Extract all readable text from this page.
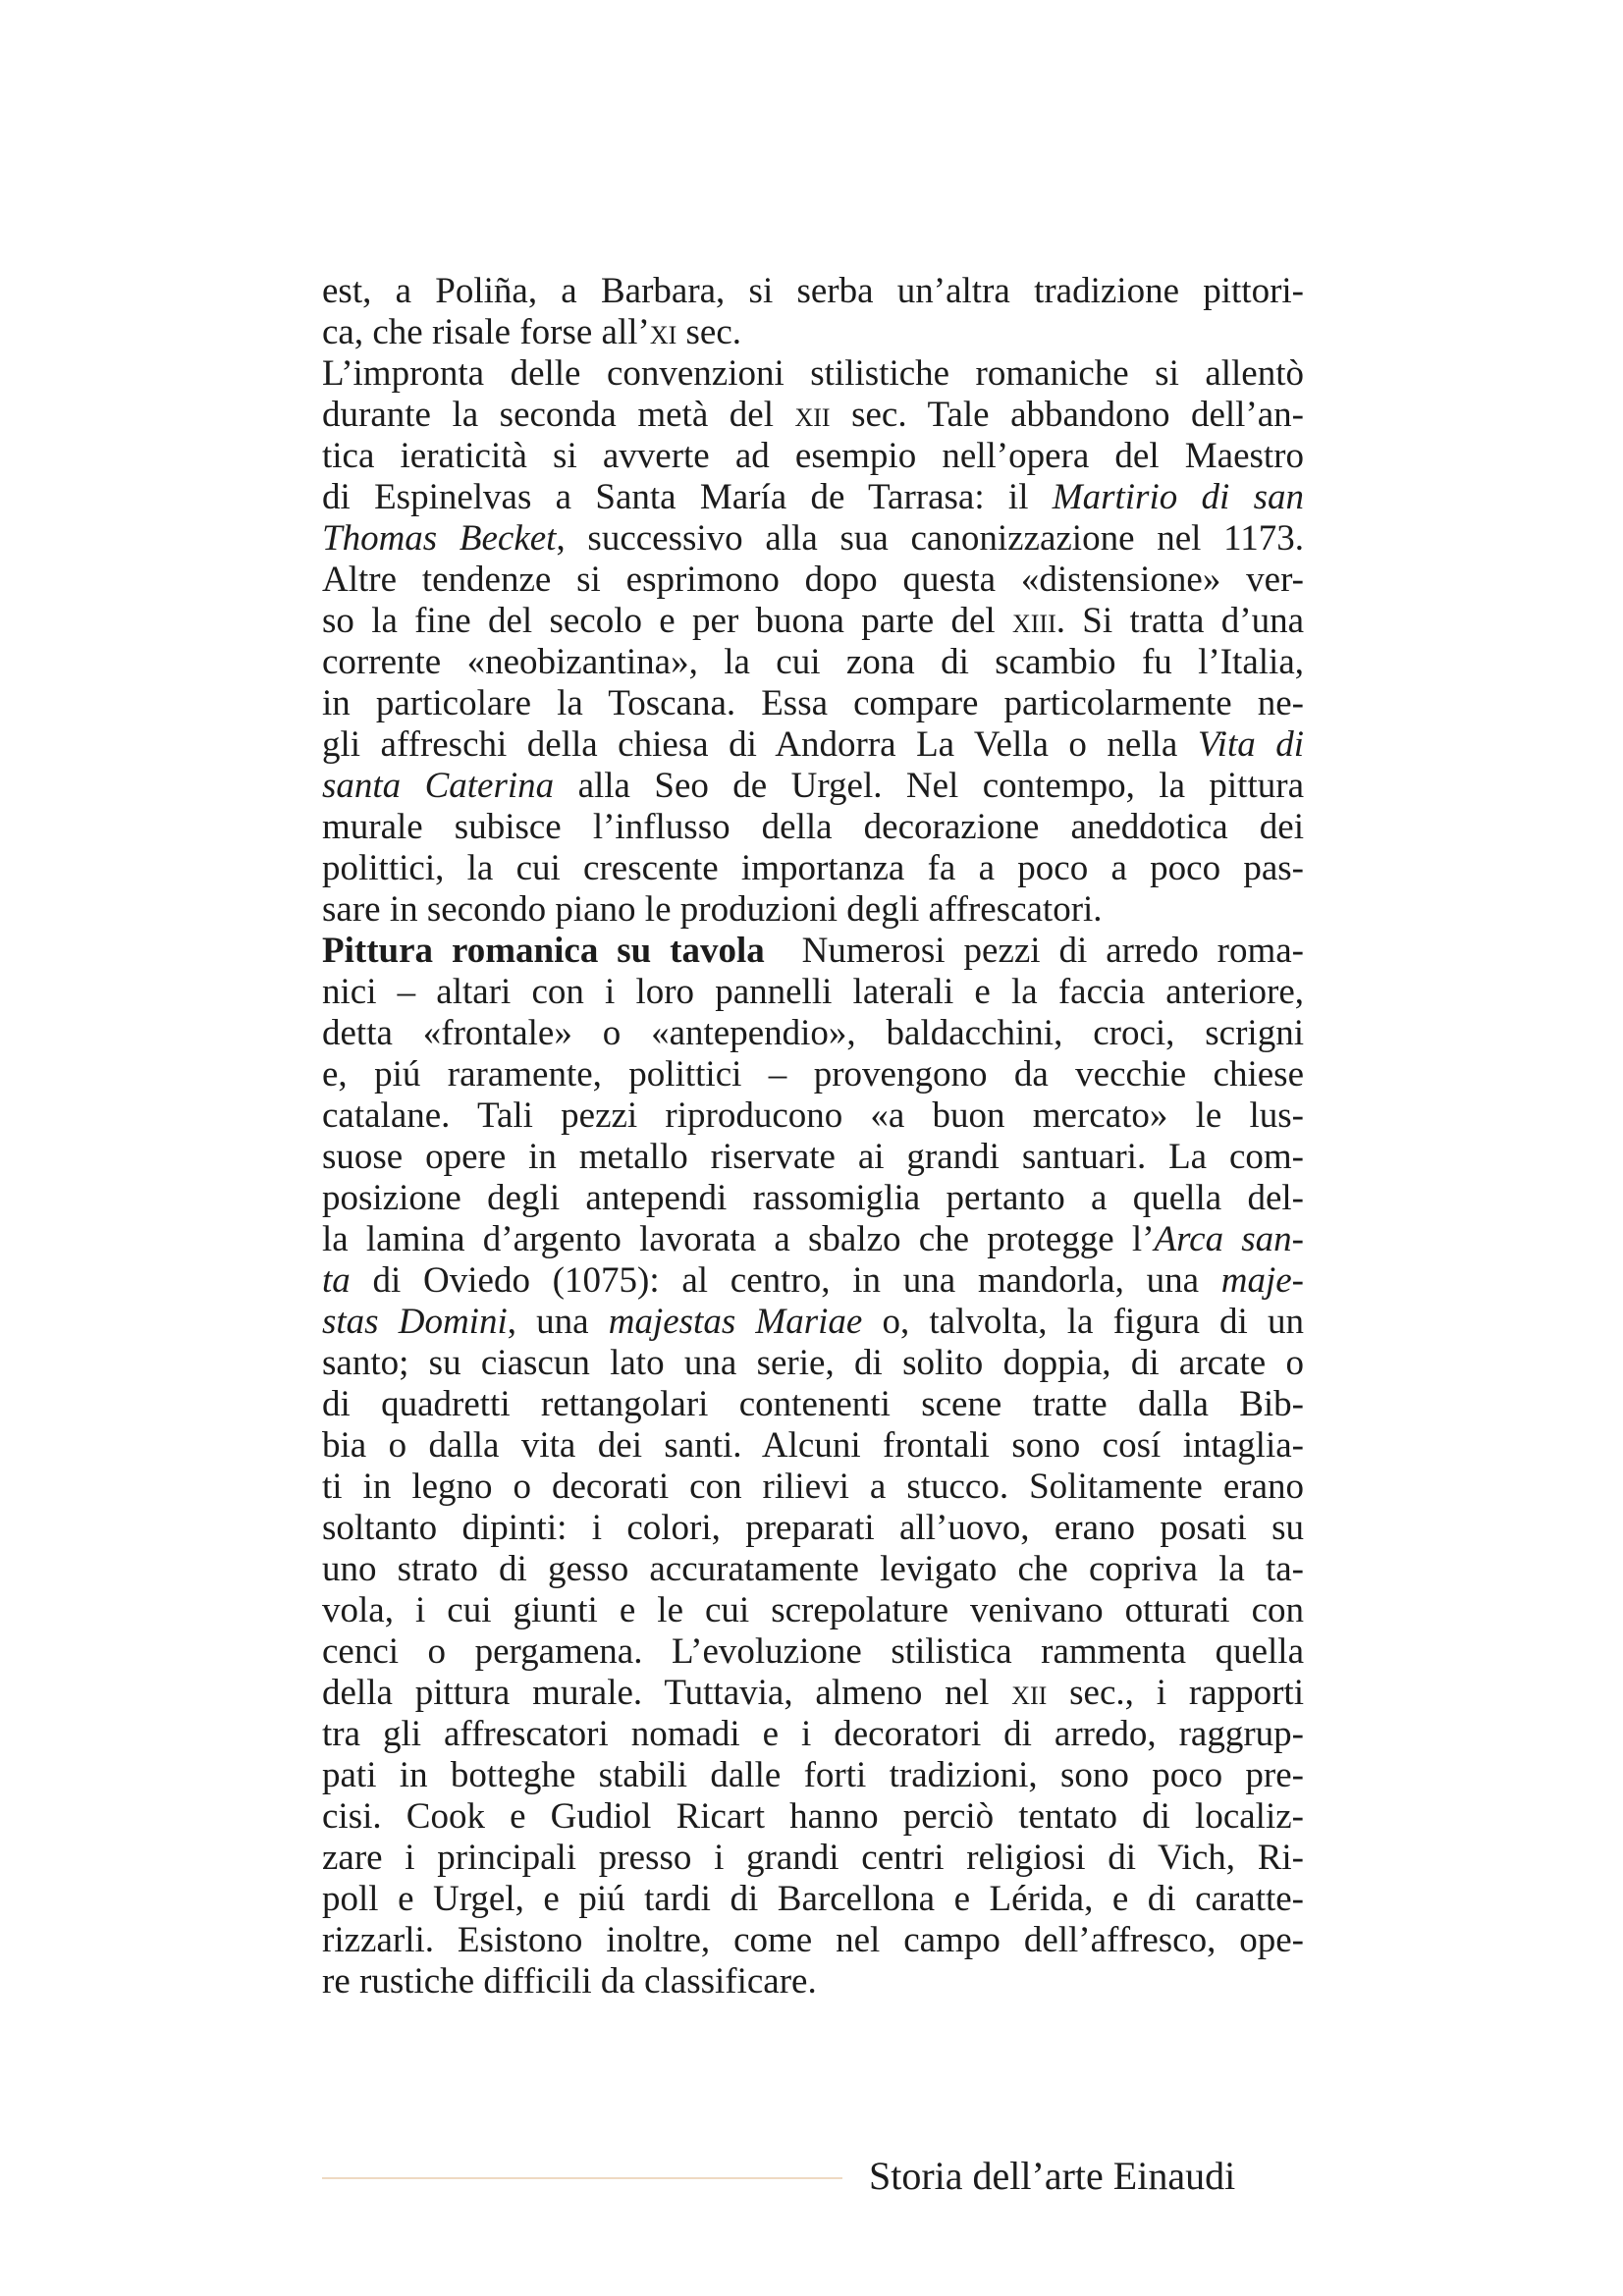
est, a Poliña, a Barbara, si serba un’altra tradizione pittori-
ca, che risale forse all’xi sec.
L’impronta delle convenzioni stilistiche romaniche si allentò
durante la seconda metà del xii sec. Tale abbandono dell’an-
tica ieraticità si avverte ad esempio nell’opera del Maestro
di Espinelvas a Santa María de Tarrasa: il Martirio di san
Thomas Becket, successivo alla sua canonizzazione nel 1173.
Altre tendenze si esprimono dopo questa «distensione» ver-
so la fine del secolo e per buona parte del xiii. Si tratta d’una
corrente «neobizantina», la cui zona di scambio fu l’Italia,
in particolare la Toscana. Essa compare particolarmente ne-
gli affreschi della chiesa di Andorra La Vella o nella Vita di
santa Caterina alla Seo de Urgel. Nel contempo, la pittura
murale subisce l’influsso della decorazione aneddotica dei
polittici, la cui crescente importanza fa a poco a poco pas-
sare in secondo piano le produzioni degli affrescatori.
Pittura romanica su tavola  Numerosi pezzi di arredo roma-
nici – altari con i loro pannelli laterali e la faccia anteriore,
detta «frontale» o «antependio», baldacchini, croci, scrigni
e, piú raramente, polittici – provengono da vecchie chiese
catalane. Tali pezzi riproducono «a buon mercato» le lus-
suose opere in metallo riservate ai grandi santuari. La com-
posizione degli antependi rassomiglia pertanto a quella del-
la lamina d’argento lavorata a sbalzo che protegge l’Arca san-
ta di Oviedo (1075): al centro, in una mandorla, una maje-
stas Domini, una majestas Mariae o, talvolta, la figura di un
santo; su ciascun lato una serie, di solito doppia, di arcate o
di quadretti rettangolari contenenti scene tratte dalla Bib-
bia o dalla vita dei santi. Alcuni frontali sono cosí intaglia-
ti in legno o decorati con rilievi a stucco. Solitamente erano
soltanto dipinti: i colori, preparati all’uovo, erano posati su
uno strato di gesso accuratamente levigato che copriva la ta-
vola, i cui giunti e le cui screpolature venivano otturati con
cenci o pergamena. L’evoluzione stilistica rammenta quella
della pittura murale. Tuttavia, almeno nel xii sec., i rapporti
tra gli affrescatori nomadi e i decoratori di arredo, raggrup-
pati in botteghe stabili dalle forti tradizioni, sono poco pre-
cisi. Cook e Gudiol Ricart hanno perciò tentato di localiz-
zare i principali presso i grandi centri religiosi di Vich, Ri-
poll e Urgel, e piú tardi di Barcellona e Lérida, e di caratte-
rizzarli. Esistono inoltre, come nel campo dell’affresco, ope-
re rustiche difficili da classificare.
Storia dell’arte Einaudi
